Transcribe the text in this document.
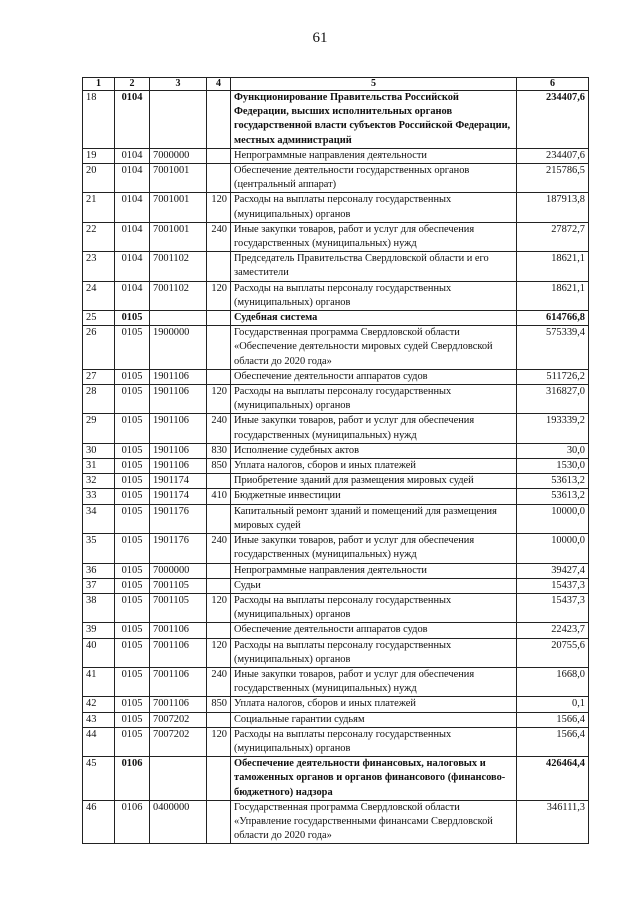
61
1	2	3	4	5	6
18	0104			Функционирование Правительства Российской Федерации, высших исполнительных органов государственной власти субъектов Российской Федерации, местных администраций	234407,6
19	0104	7000000		Непрограммные направления деятельности	234407,6
20	0104	7001001		Обеспечение деятельности государственных органов (центральный аппарат)	215786,5
21	0104	7001001	120	Расходы на выплаты персоналу государственных (муниципальных) органов	187913,8
22	0104	7001001	240	Иные закупки товаров, работ и услуг для обеспечения государственных (муниципальных) нужд	27872,7
23	0104	7001102		Председатель Правительства Свердловской области и его заместители	18621,1
24	0104	7001102	120	Расходы на выплаты персоналу государственных (муниципальных) органов	18621,1
25	0105			Судебная система	614766,8
26	0105	1900000		Государственная программа Свердловской области «Обеспечение деятельности мировых судей Свердловской области до 2020 года»	575339,4
27	0105	1901106		Обеспечение деятельности аппаратов судов	511726,2
28	0105	1901106	120	Расходы на выплаты персоналу государственных (муниципальных) органов	316827,0
29	0105	1901106	240	Иные закупки товаров, работ и услуг для обеспечения государственных (муниципальных) нужд	193339,2
30	0105	1901106	830	Исполнение судебных актов	30,0
31	0105	1901106	850	Уплата налогов, сборов и иных платежей	1530,0
32	0105	1901174		Приобретение зданий для размещения мировых судей	53613,2
33	0105	1901174	410	Бюджетные инвестиции	53613,2
34	0105	1901176		Капитальный ремонт зданий и помещений для размещения мировых судей	10000,0
35	0105	1901176	240	Иные закупки товаров, работ и услуг для обеспечения государственных (муниципальных) нужд	10000,0
36	0105	7000000		Непрограммные направления деятельности	39427,4
37	0105	7001105		Судьи	15437,3
38	0105	7001105	120	Расходы на выплаты персоналу государственных (муниципальных) органов	15437,3
39	0105	7001106		Обеспечение деятельности аппаратов судов	22423,7
40	0105	7001106	120	Расходы на выплаты персоналу государственных (муниципальных) органов	20755,6
41	0105	7001106	240	Иные закупки товаров, работ и услуг для обеспечения государственных (муниципальных) нужд	1668,0
42	0105	7001106	850	Уплата налогов, сборов и иных платежей	0,1
43	0105	7007202		Социальные гарантии судьям	1566,4
44	0105	7007202	120	Расходы на выплаты персоналу государственных (муниципальных) органов	1566,4
45	0106			Обеспечение деятельности финансовых, налоговых и таможенных органов и органов финансового (финансово-бюджетного) надзора	426464,4
46	0106	0400000		Государственная программа Свердловской области «Управление государственными финансами Свердловской области до 2020 года»	346111,3
